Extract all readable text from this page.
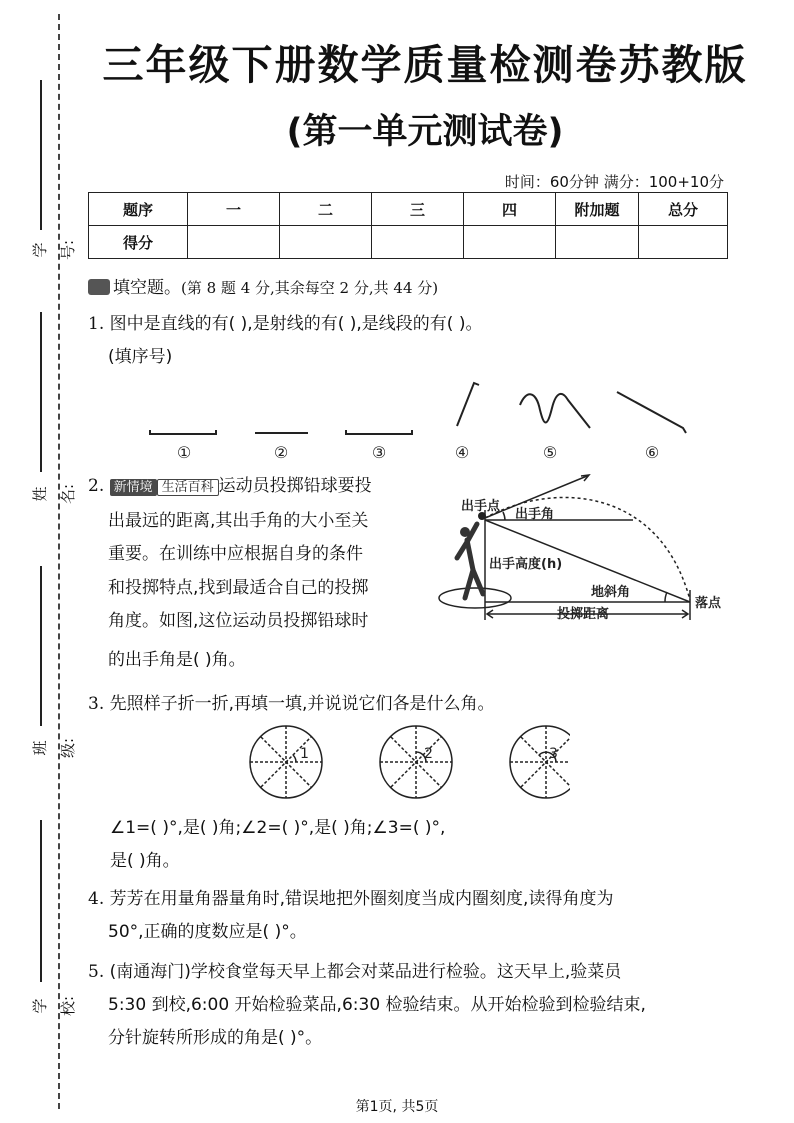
学号:
姓名:
班级:
学校:
三年级下册数学质量检测卷苏教版
(第一单元测试卷)
时间：60分钟 满分：100+10分
题序	一	二	三	四	附加题	总分
得分						
填空题。(第 8 题 4 分,其余每空 2 分,共 44 分)
1. 图中是直线的有( ),是射线的有( ),是线段的有( )。
(填序号)
①	②	③	④	⑤	⑥
2. 新情境 生活百科 运动员投掷铅球要投
出最远的距离,其出手角的大小至关
重要。在训练中应根据自身的条件
和投掷特点,找到最适合自己的投掷
角度。如图,这位运动员投掷铅球时
的出手角是( )角。
出手点
出手角
出手高度(h)
地斜角
落点
投掷距离
3. 先照样子折一折,再填一填,并说说它们各是什么角。
1	2	3
∠1=( )°,是( )角;∠2=( )°,是( )角;∠3=( )°,
是( )角。
4. 芳芳在用量角器量角时,错误地把外圈刻度当成内圈刻度,读得角度为
50°,正确的度数应是( )°。
5. (南通海门)学校食堂每天早上都会对菜品进行检验。这天早上,验菜员
5:30 到校,6:00 开始检验菜品,6:30 检验结束。从开始检验到检验结束,
分针旋转所形成的角是( )°。
第1页, 共5页
